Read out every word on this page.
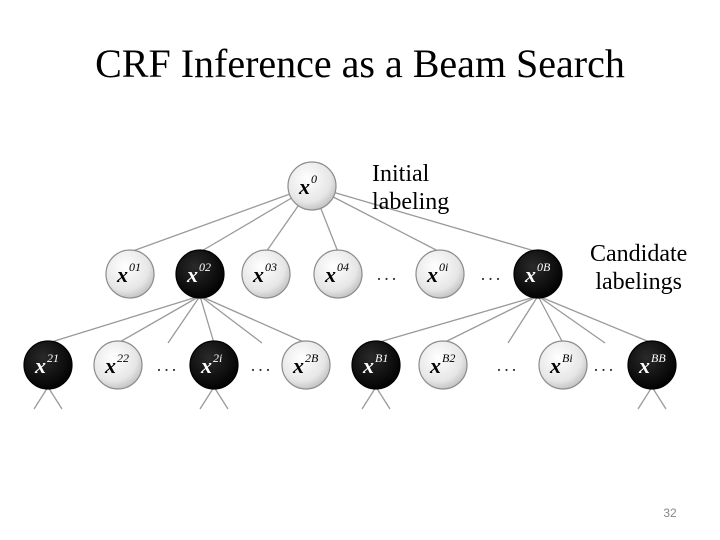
CRF Inference as a Beam Search
x 0
x 01 x 02 x 03 x 04 ... x 0i ... x 0B
x 21 x 22 ... x 2i ... x 2B x B1 x B2 ... x Bi ... x BB
Initial
labeling
Candidate
labelings
32
